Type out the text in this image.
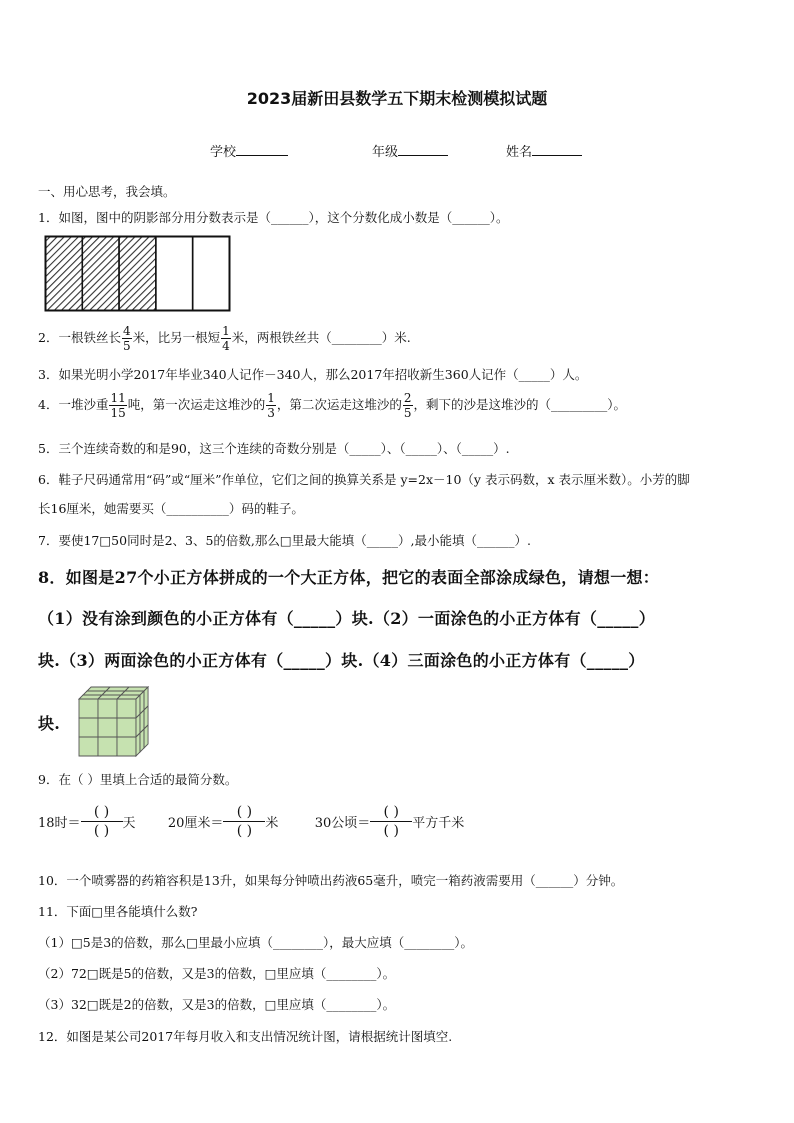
2023届新田县数学五下期末检测模拟试题
学校	年级	姓名
一、用心思考，我会填。
1．如图，图中的阴影部分用分数表示是（______），这个分数化成小数是（______）。
2．一根铁丝长 $\frac{4}{5}$ 米，比另一根短 $\frac{1}{4}$ 米，两根铁丝共（________）米.
3．如果光明小学2017年毕业340人记作－340人，那么2017年招收新生360人记作（_____）人。
4．一堆沙重 $\frac{11}{15}$ 吨，第一次运走这堆沙的 $\frac{1}{3}$ ，第二次运走这堆沙的 $\frac{2}{5}$ ，剩下的沙是这堆沙的（_________）。
5．三个连续奇数的和是90，这三个连续的奇数分别是（_____）、（_____）、（_____）.
6．鞋子尺码通常用“码”或“厘米”作单位，它们之间的换算关系是 y=2x－10（y 表示码数，x 表示厘米数）。小芳的脚
长16厘米，她需要买（__________）码的鞋子。
7．要使17□50同时是2、3、5的倍数,那么□里最大能填（_____）,最小能填（______）.
8．如图是27个小正方体拼成的一个大正方体，把它的表面全部涂成绿色，请想一想：
（1）没有涂到颜色的小正方体有（_____）块.（2）一面涂色的小正方体有（_____）
块.（3）两面涂色的小正方体有（_____）块.（4）三面涂色的小正方体有（_____）
块.
9．在（ ）里填上合适的最简分数。
18时＝ $\frac{( )}{( )}$ 天 20厘米＝ $\frac{( )}{( )}$ 米	30公顷＝ $\frac{( )}{( )}$ 平方千米
10．一个喷雾器的药箱容积是13升，如果每分钟喷出药液65毫升，喷完一箱药液需要用（______）分钟。
11．下面□里各能填什么数?
（1）□5是3的倍数，那么□里最小应填（________），最大应填（________）。
（2）72□既是5的倍数，又是3的倍数，□里应填（________）。
（3）32□既是2的倍数，又是3的倍数，□里应填（________）。
12．如图是某公司2017年每月收入和支出情况统计图，请根据统计图填空.
